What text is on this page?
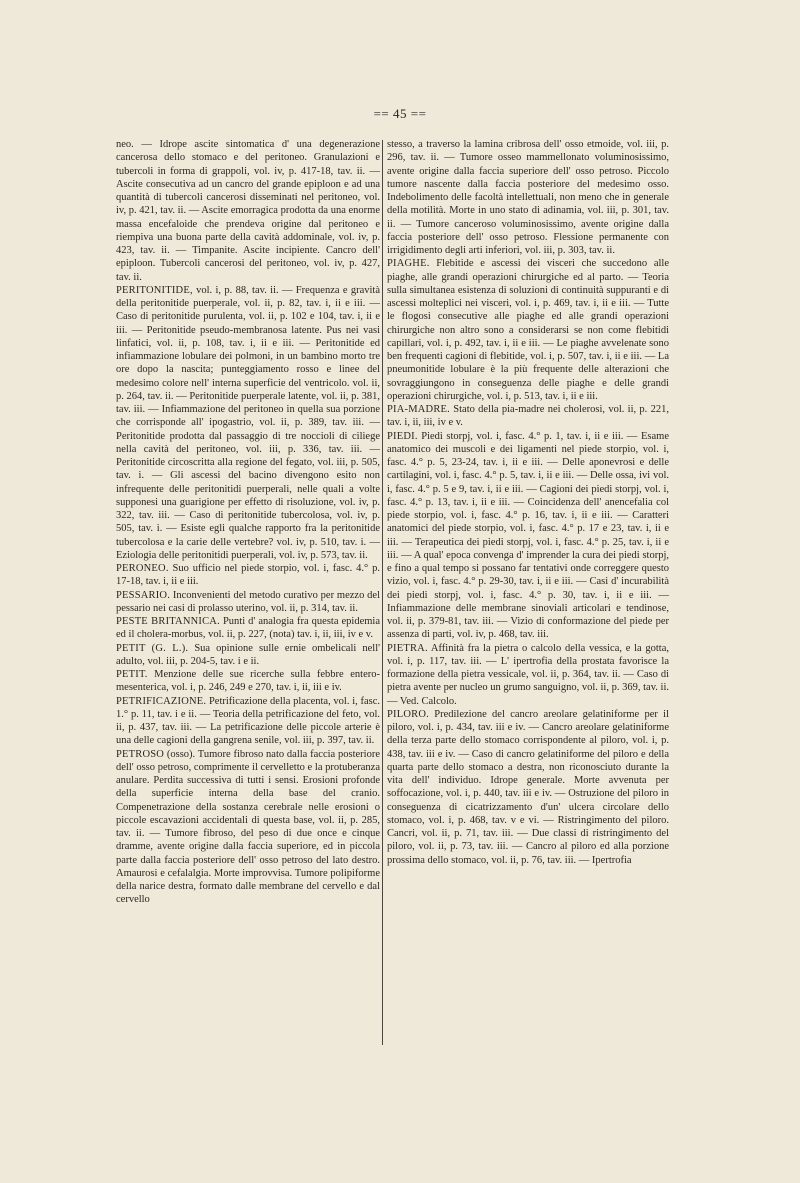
== 45 ==

neo. — Idrope ascite sintomatica d' una degenerazione cancerosa dello stomaco e del peritoneo. Granulazioni e tubercoli in forma di grappoli, vol. iv, p. 417-18, tav. ii. — Ascite consecutiva ad un cancro del grande epiploon e ad una quantità di tubercoli cancerosi disseminati nel peritoneo, vol. iv, p. 421, tav. ii. — Ascite emorragica prodotta da una enorme massa encefaloide che prendeva origine dal peritoneo e riempiva una buona parte della cavità addominale, vol. iv, p. 423, tav. ii. — Timpanite. Ascite incipiente. Cancro dell' epiploon. Tubercoli cancerosi del peritoneo, vol. iv, p. 427, tav. ii.

PERITONITIDE, vol. i, p. 88, tav. ii. — Frequenza e gravità della peritonitide puerperale, vol. ii, p. 82, tav. i, ii e iii. — Caso di peritonitide purulenta, vol. ii, p. 102 e 104, tav. i, ii e iii. — Peritonitide pseudo-membranosa latente. Pus nei vasi linfatici, vol. ii, p. 108, tav. i, ii e iii. — Peritonitide ed infiammazione lobulare dei polmoni, in un bambino morto tre ore dopo la nascita; punteggiamento rosso e linee del medesimo colore nell' interna superficie del ventricolo. vol. ii, p. 264, tav. ii. — Peritonitide puerperale latente, vol. ii, p. 381, tav. iii. — Infiammazione del peritoneo in quella sua porzione che corrisponde all' ipogastrio, vol. ii, p. 389, tav. iii. — Peritonitide prodotta dal passaggio di tre noccioli di ciliege nella cavità del peritoneo, vol. iii, p. 336, tav. iii. — Peritonitide circoscritta alla regione del fegato, vol. iii, p. 505, tav. i. — Gli ascessi del bacino divengono esito non infrequente delle peritonitidi puerperali, nelle quali a volte supponesi una guarigione per effetto di risoluzione, vol. iv, p. 322, tav. iii. — Caso di peritonitide tubercolosa, vol. iv, p. 505, tav. i. — Esiste egli qualche rapporto fra la peritonitide tubercolosa e la carie delle vertebre? vol. iv, p. 510, tav. i. — Eziologia delle peritonitidi puerperali, vol. iv, p. 573, tav. ii.

PERONEO. Suo ufficio nel piede storpio, vol. i, fasc. 4.° p. 17-18, tav. i, ii e iii.

PESSARIO. Inconvenienti del metodo curativo per mezzo del pessario nei casi di prolasso uterino, vol. ii, p. 314, tav. ii.

PESTE BRITANNICA. Punti d' analogia fra questa epidemia ed il cholera-morbus, vol. ii, p. 227, (nota) tav. i, ii, iii, iv e v.

PETIT (G. L.). Sua opinione sulle ernie ombelicali nell' adulto, vol. iii, p. 204-5, tav. i e ii.

PETIT. Menzione delle sue ricerche sulla febbre entero-mesenterica, vol. i, p. 246, 249 e 270, tav. i, ii, iii e iv.

PETRIFICAZIONE. Petrificazione della placenta, vol. i, fasc. 1.° p. 11, tav. i e ii. — Teoria della petrificazione del feto, vol. ii, p. 437, tav. iii. — La petrificazione delle piccole arterie è una delle cagioni della gangrena senile, vol. iii, p. 397, tav. ii.

PETROSO (osso). Tumore fibroso nato dalla faccia posteriore dell' osso petroso, comprimente il cervelletto e la protuberanza anulare. Perdita successiva di tutti i sensi. Erosioni profonde della superficie interna della base del cranio. Compenetrazione della sostanza cerebrale nelle erosioni o piccole escavazioni accidentali di questa base, vol. ii, p. 285, tav. ii. — Tumore fibroso, del peso di due once e cinque dramme, avente origine dalla faccia superiore, ed in piccola parte dalla faccia posteriore dell' osso petroso del lato destro. Amaurosi e cefalalgia. Morte improvvisa. Tumore polipiforme della narice destra, formato dalle membrane del cervello e dal cervello

stesso, a traverso la lamina cribrosa dell' osso etmoide, vol. iii, p. 296, tav. ii. — Tumore osseo mammellonato voluminosissimo, avente origine dalla faccia superiore dell' osso petroso. Piccolo tumore nascente dalla faccia posteriore del medesimo osso. Indebolimento delle facoltà intellettuali, non meno che in generale della motilità. Morte in uno stato di adinamia, vol. iii, p. 301, tav. ii. — Tumore canceroso voluminosissimo, avente origine dalla faccia posteriore dell' osso petroso. Flessione permanente con irrigidimento degli arti inferiori, vol. iii, p. 303, tav. ii.

PIAGHE. Flebitide e ascessi dei visceri che succedono alle piaghe, alle grandi operazioni chirurgiche ed al parto. — Teoria sulla simultanea esistenza di soluzioni di continuità suppuranti e di ascessi molteplici nei visceri, vol. i, p. 469, tav. i, ii e iii. — Tutte le flogosi consecutive alle piaghe ed alle grandi operazioni chirurgiche non altro sono a considerarsi se non come flebitidi capillari, vol. i, p. 492, tav. i, ii e iii. — Le piaghe avvelenate sono ben frequenti cagioni di flebitide, vol. i, p. 507, tav. i, ii e iii. — La pneumonitide lobulare è la più frequente delle alterazioni che sovraggiungono in conseguenza delle piaghe e delle grandi operazioni chirurgiche, vol. i, p. 513, tav. i, ii e iii.

PIA-MADRE. Stato della pia-madre nei cholerosi, vol. ii, p. 221, tav. i, ii, iii, iv e v.

PIEDI. Piedi storpj, vol. i, fasc. 4.° p. 1, tav. i, ii e iii. — Esame anatomico dei muscoli e dei ligamenti nel piede storpio, vol. i, fasc. 4.° p. 5, 23-24, tav. i, ii e iii. — Delle aponevrosi e delle cartilagini, vol. i, fasc. 4.° p. 5, tav. i, ii e iii. — Delle ossa, ivi vol. i, fasc. 4.° p. 5 e 9, tav. i, ii e iii. — Cagioni dei piedi storpj, vol. i, fasc. 4.° p. 13, tav. i, ii e iii. — Coincidenza dell' anencefalia col piede storpio, vol. i, fasc. 4.° p. 16, tav. i, ii e iii. — Caratteri anatomici del piede storpio, vol. i, fasc. 4.° p. 17 e 23, tav. i, ii e iii. — Terapeutica dei piedi storpj, vol. i, fasc. 4.° p. 25, tav. i, ii e iii. — A qual' epoca convenga d' imprender la cura dei piedi storpj, e fino a qual tempo si possano far tentativi onde correggere questo vizio, vol. i, fasc. 4.° p. 29-30, tav. i, ii e iii. — Casi d' incurabilità dei piedi storpj, vol. i, fasc. 4.° p. 30, tav. i, ii e iii. — Infiammazione delle membrane sinoviali articolari e tendinose, vol. ii, p. 379-81, tav. iii. — Vizio di conformazione del piede per assenza di parti, vol. iv, p. 468, tav. iii.

PIETRA. Affinità fra la pietra o calcolo della vessica, e la gotta, vol. i, p. 117, tav. iii. — L' ipertrofia della prostata favorisce la formazione della pietra vessicale, vol. ii, p. 364, tav. ii. — Caso di pietra avente per nucleo un grumo sanguigno, vol. ii, p. 369, tav. ii. — Ved. Calcolo.

PILORO. Predilezione del cancro areolare gelatiniforme per il piloro, vol. i, p. 434, tav. iii e iv. — Cancro areolare gelatiniforme della terza parte dello stomaco corrispondente al piloro, vol. i, p. 438, tav. iii e iv. — Caso di cancro gelatiniforme del piloro e della quarta parte dello stomaco a destra, non riconosciuto durante la vita dell' individuo. Idrope generale. Morte avvenuta per soffocazione, vol. i, p. 440, tav. iii e iv. — Ostruzione del piloro in conseguenza di cicatrizzamento d'un' ulcera circolare dello stomaco, vol. i, p. 468, tav. v e vi. — Ristringimento del piloro. Cancri, vol. ii, p. 71, tav. iii. — Due classi di ristringimento del piloro, vol. ii, p. 73, tav. iii. — Cancro al piloro ed alla porzione prossima dello stomaco, vol. ii, p. 76, tav. iii. — Ipertrofia
